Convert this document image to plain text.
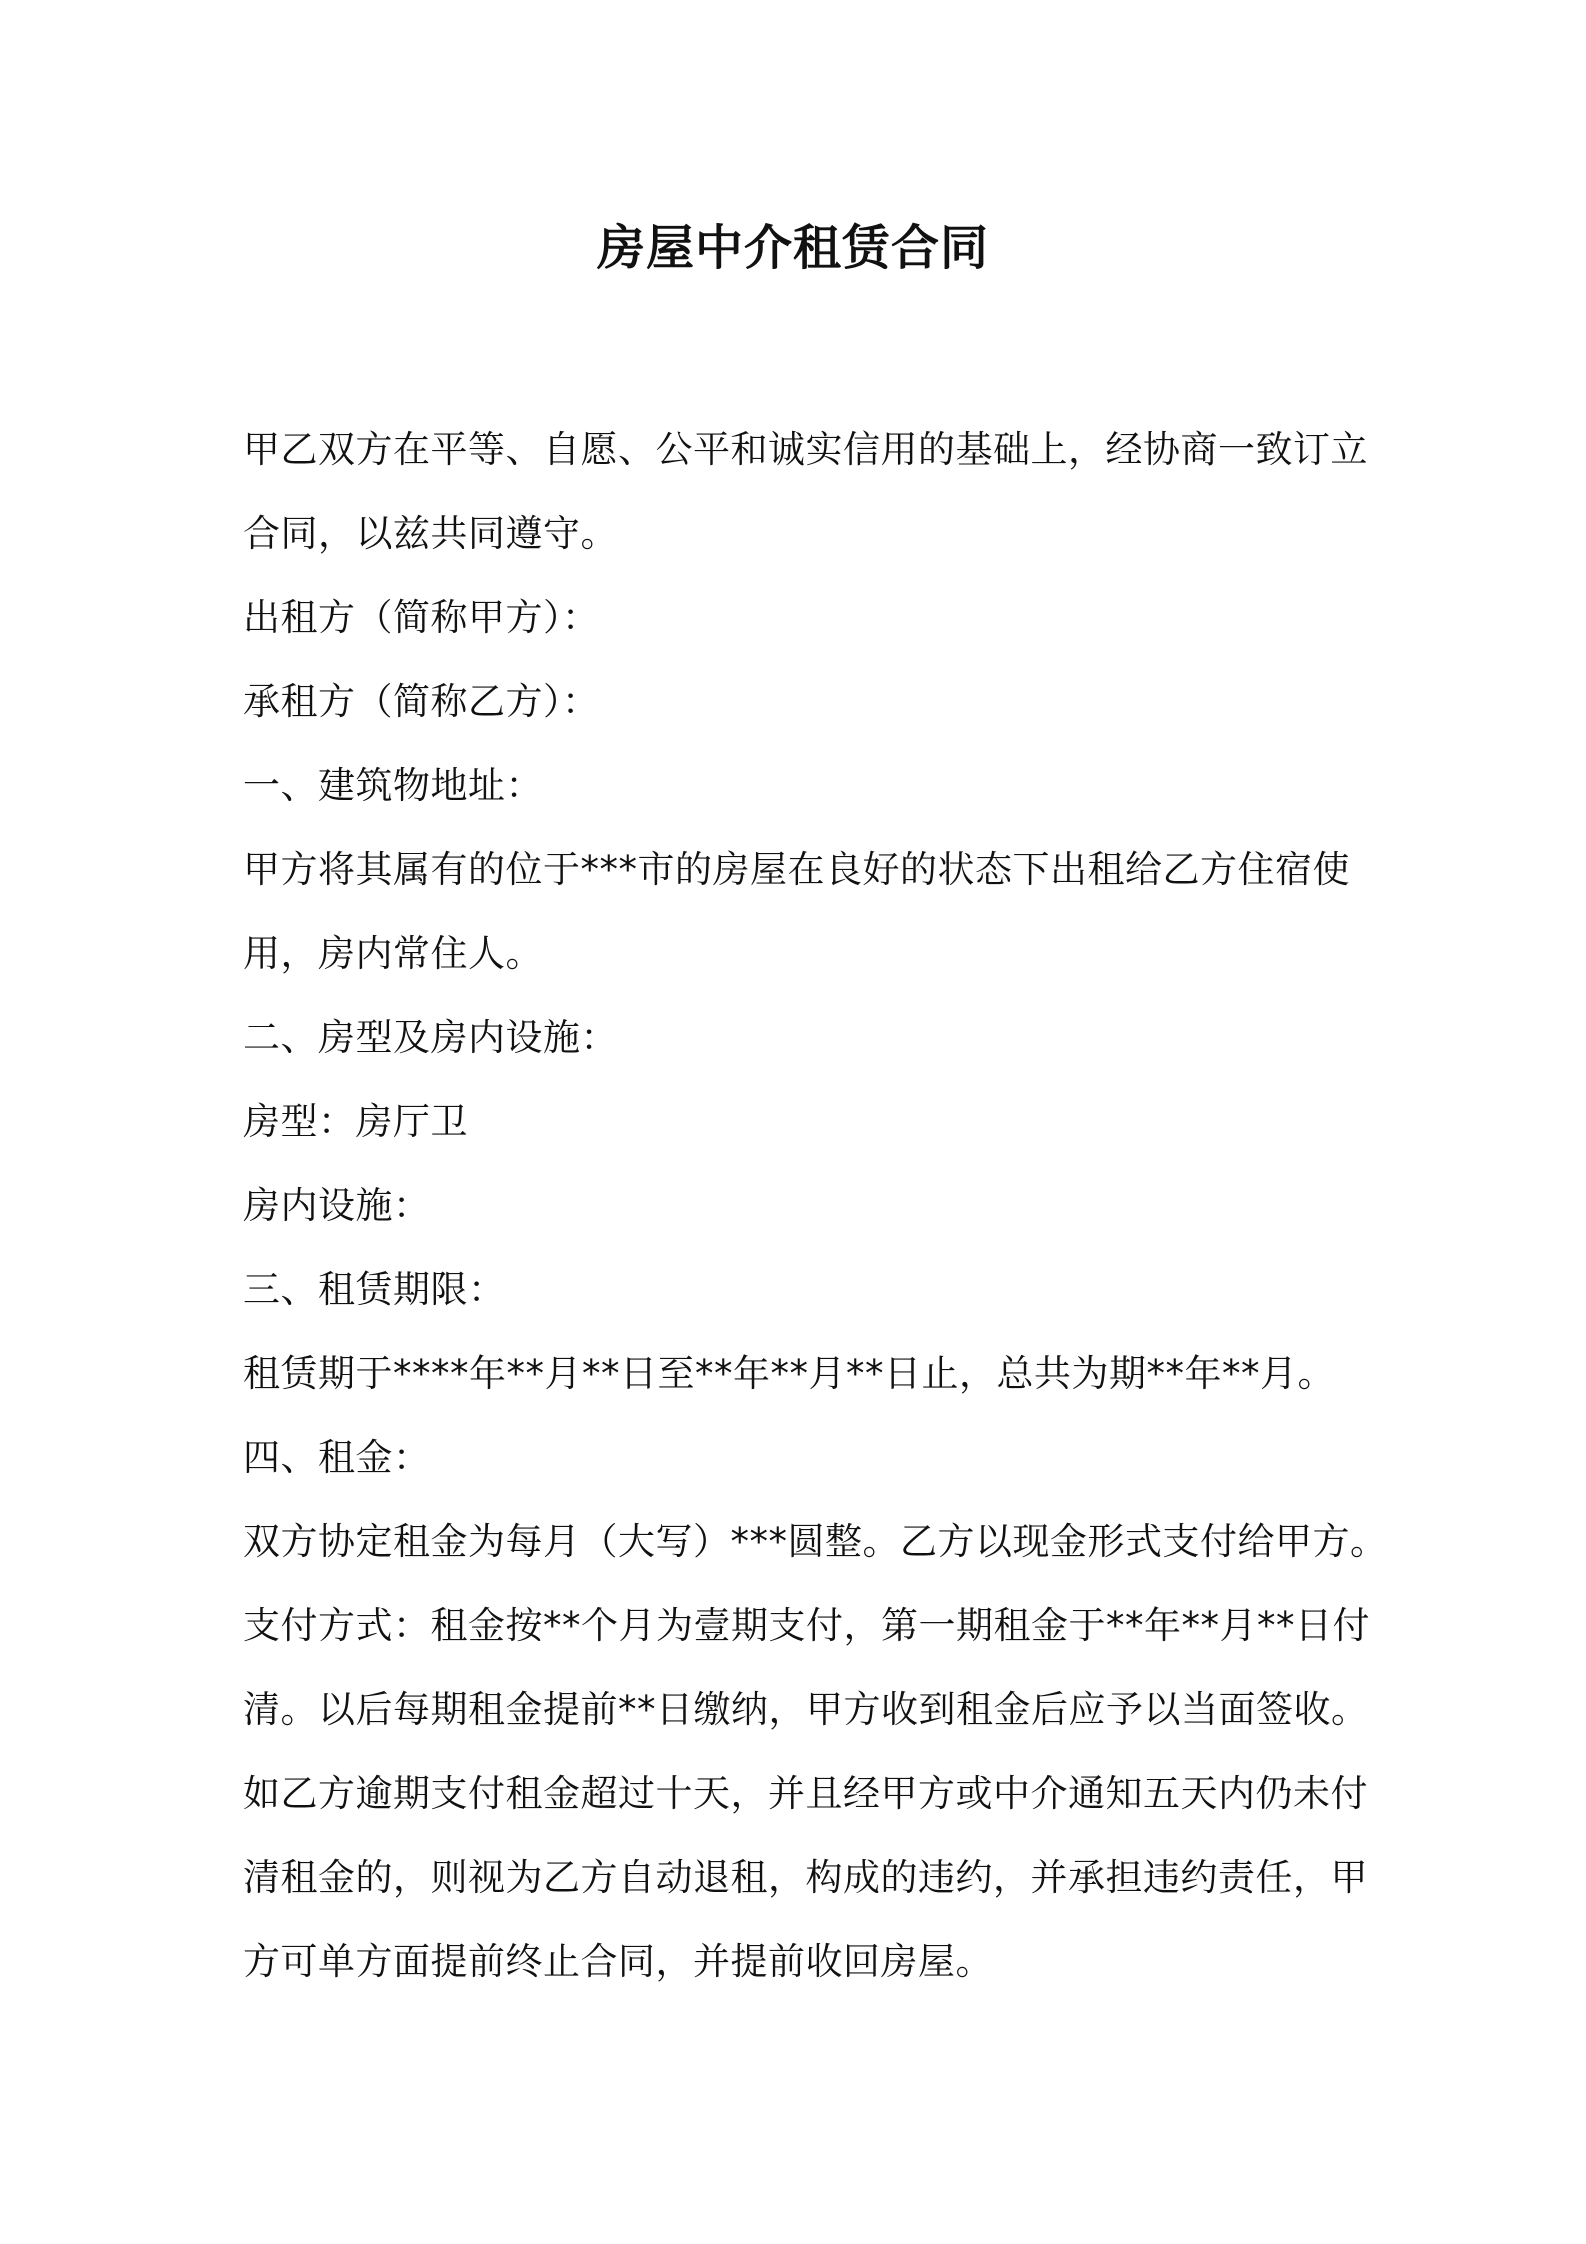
房屋中介租赁合同
甲乙双方在平等、自愿、公平和诚实信用的基础上，经协商一致订立
合同，以兹共同遵守。
出租方（简称甲方）：
承租方（简称乙方）：
一、建筑物地址：
甲方将其属有的位于***市的房屋在良好的状态下出租给乙方住宿使
用，房内常住人。
二、房型及房内设施：
房型：房厅卫
房内设施：
三、租赁期限：
租赁期于****年**月**日至**年**月**日止，总共为期**年**月。
四、租金：
双方协定租金为每月（大写）***圆整。乙方以现金形式支付给甲方。
支付方式：租金按**个月为壹期支付，第一期租金于**年**月**日付
清。以后每期租金提前**日缴纳，甲方收到租金后应予以当面签收。
如乙方逾期支付租金超过十天，并且经甲方或中介通知五天内仍未付
清租金的，则视为乙方自动退租，构成的违约，并承担违约责任，甲
方可单方面提前终止合同，并提前收回房屋。
